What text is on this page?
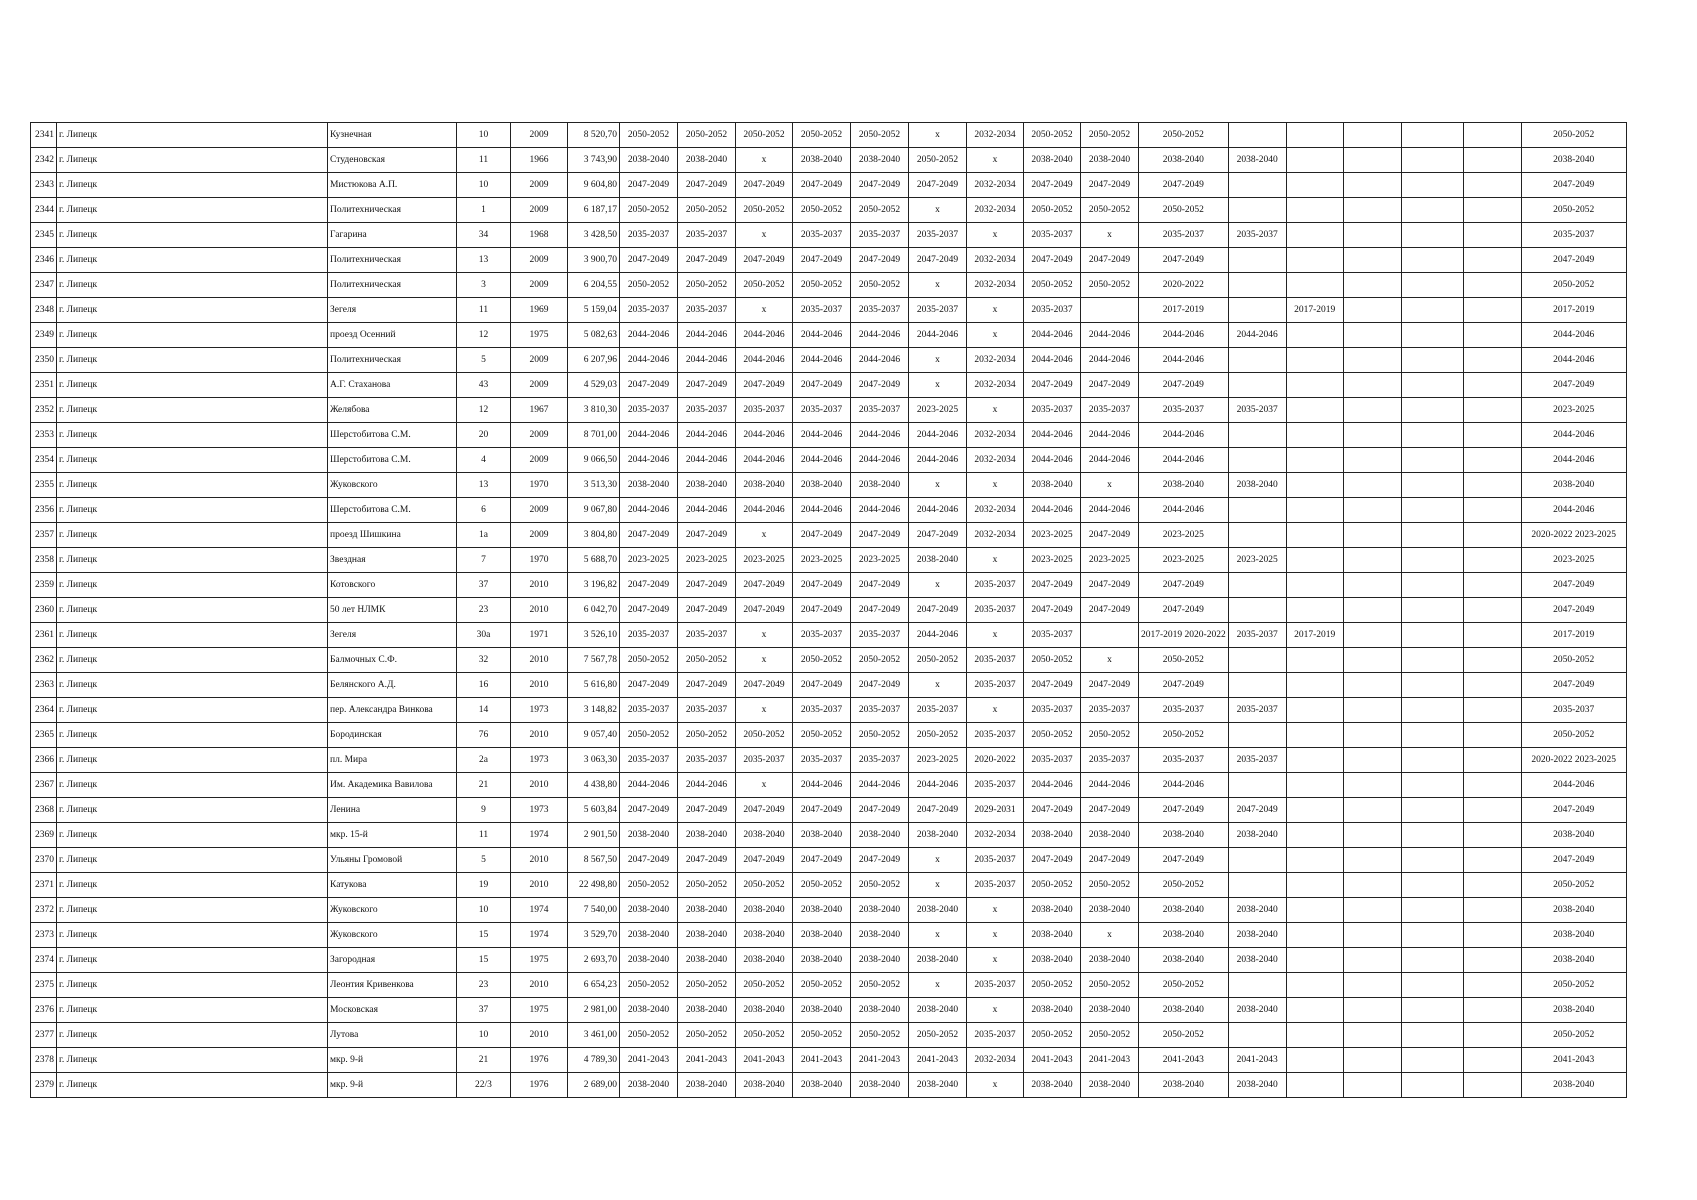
2341	г. Липецк	Кузнечная	10	2009	8 520,70	2050-2052	2050-2052	2050-2052	2050-2052	2050-2052	х	2032-2034	2050-2052	2050-2052	2050-2052						2050-2052
2342	г. Липецк	Студеновская	11	1966	3 743,90	2038-2040	2038-2040	х	2038-2040	2038-2040	2050-2052	х	2038-2040	2038-2040	2038-2040	2038-2040					2038-2040
2343	г. Липецк	Мистюкова А.П.	10	2009	9 604,80	2047-2049	2047-2049	2047-2049	2047-2049	2047-2049	2047-2049	2032-2034	2047-2049	2047-2049	2047-2049						2047-2049
2344	г. Липецк	Политехническая	1	2009	6 187,17	2050-2052	2050-2052	2050-2052	2050-2052	2050-2052	х	2032-2034	2050-2052	2050-2052	2050-2052						2050-2052
2345	г. Липецк	Гагарина	34	1968	3 428,50	2035-2037	2035-2037	х	2035-2037	2035-2037	2035-2037	х	2035-2037	х	2035-2037	2035-2037					2035-2037
2346	г. Липецк	Политехническая	13	2009	3 900,70	2047-2049	2047-2049	2047-2049	2047-2049	2047-2049	2047-2049	2032-2034	2047-2049	2047-2049	2047-2049						2047-2049
2347	г. Липецк	Политехническая	3	2009	6 204,55	2050-2052	2050-2052	2050-2052	2050-2052	2050-2052	х	2032-2034	2050-2052	2050-2052	2020-2022						2050-2052
2348	г. Липецк	Зегеля	11	1969	5 159,04	2035-2037	2035-2037	х	2035-2037	2035-2037	2035-2037	х	2035-2037		2017-2019		2017-2019				2017-2019
2349	г. Липецк	проезд Осенний	12	1975	5 082,63	2044-2046	2044-2046	2044-2046	2044-2046	2044-2046	2044-2046	х	2044-2046	2044-2046	2044-2046	2044-2046					2044-2046
2350	г. Липецк	Политехническая	5	2009	6 207,96	2044-2046	2044-2046	2044-2046	2044-2046	2044-2046	х	2032-2034	2044-2046	2044-2046	2044-2046						2044-2046
2351	г. Липецк	А.Г. Стаханова	43	2009	4 529,03	2047-2049	2047-2049	2047-2049	2047-2049	2047-2049	х	2032-2034	2047-2049	2047-2049	2047-2049						2047-2049
2352	г. Липецк	Желябова	12	1967	3 810,30	2035-2037	2035-2037	2035-2037	2035-2037	2035-2037	2023-2025	х	2035-2037	2035-2037	2035-2037	2035-2037					2023-2025
2353	г. Липецк	Шерстобитова С.М.	20	2009	8 701,00	2044-2046	2044-2046	2044-2046	2044-2046	2044-2046	2044-2046	2032-2034	2044-2046	2044-2046	2044-2046						2044-2046
2354	г. Липецк	Шерстобитова С.М.	4	2009	9 066,50	2044-2046	2044-2046	2044-2046	2044-2046	2044-2046	2044-2046	2032-2034	2044-2046	2044-2046	2044-2046						2044-2046
2355	г. Липецк	Жуковского	13	1970	3 513,30	2038-2040	2038-2040	2038-2040	2038-2040	2038-2040	х	х	2038-2040	х	2038-2040	2038-2040					2038-2040
2356	г. Липецк	Шерстобитова С.М.	6	2009	9 067,80	2044-2046	2044-2046	2044-2046	2044-2046	2044-2046	2044-2046	2032-2034	2044-2046	2044-2046	2044-2046						2044-2046
2357	г. Липецк	проезд Шишкина	1а	2009	3 804,80	2047-2049	2047-2049	х	2047-2049	2047-2049	2047-2049	2032-2034	2023-2025	2047-2049	2023-2025						2020-2022 2023-2025
2358	г. Липецк	Звездная	7	1970	5 688,70	2023-2025	2023-2025	2023-2025	2023-2025	2023-2025	2038-2040	х	2023-2025	2023-2025	2023-2025	2023-2025					2023-2025
2359	г. Липецк	Котовского	37	2010	3 196,82	2047-2049	2047-2049	2047-2049	2047-2049	2047-2049	х	2035-2037	2047-2049	2047-2049	2047-2049						2047-2049
2360	г. Липецк	50 лет НЛМК	23	2010	6 042,70	2047-2049	2047-2049	2047-2049	2047-2049	2047-2049	2047-2049	2035-2037	2047-2049	2047-2049	2047-2049						2047-2049
2361	г. Липецк	Зегеля	30а	1971	3 526,10	2035-2037	2035-2037	х	2035-2037	2035-2037	2044-2046	х	2035-2037		2017-2019 2020-2022	2035-2037	2017-2019				2017-2019
2362	г. Липецк	Балмочных С.Ф.	32	2010	7 567,78	2050-2052	2050-2052	х	2050-2052	2050-2052	2050-2052	2035-2037	2050-2052	х	2050-2052						2050-2052
2363	г. Липецк	Белянского А.Д.	16	2010	5 616,80	2047-2049	2047-2049	2047-2049	2047-2049	2047-2049	х	2035-2037	2047-2049	2047-2049	2047-2049						2047-2049
2364	г. Липецк	пер. Александра Винкова	14	1973	3 148,82	2035-2037	2035-2037	х	2035-2037	2035-2037	2035-2037	х	2035-2037	2035-2037	2035-2037	2035-2037					2035-2037
2365	г. Липецк	Бородинская	76	2010	9 057,40	2050-2052	2050-2052	2050-2052	2050-2052	2050-2052	2050-2052	2035-2037	2050-2052	2050-2052	2050-2052						2050-2052
2366	г. Липецк	пл. Мира	2а	1973	3 063,30	2035-2037	2035-2037	2035-2037	2035-2037	2035-2037	2023-2025	2020-2022	2035-2037	2035-2037	2035-2037	2035-2037					2020-2022 2023-2025
2367	г. Липецк	Им. Академика Вавилова	21	2010	4 438,80	2044-2046	2044-2046	х	2044-2046	2044-2046	2044-2046	2035-2037	2044-2046	2044-2046	2044-2046						2044-2046
2368	г. Липецк	Ленина	9	1973	5 603,84	2047-2049	2047-2049	2047-2049	2047-2049	2047-2049	2047-2049	2029-2031	2047-2049	2047-2049	2047-2049	2047-2049					2047-2049
2369	г. Липецк	мкр. 15-й	11	1974	2 901,50	2038-2040	2038-2040	2038-2040	2038-2040	2038-2040	2038-2040	2032-2034	2038-2040	2038-2040	2038-2040	2038-2040					2038-2040
2370	г. Липецк	Ульяны Громовой	5	2010	8 567,50	2047-2049	2047-2049	2047-2049	2047-2049	2047-2049	х	2035-2037	2047-2049	2047-2049	2047-2049						2047-2049
2371	г. Липецк	Катукова	19	2010	22 498,80	2050-2052	2050-2052	2050-2052	2050-2052	2050-2052	х	2035-2037	2050-2052	2050-2052	2050-2052						2050-2052
2372	г. Липецк	Жуковского	10	1974	7 540,00	2038-2040	2038-2040	2038-2040	2038-2040	2038-2040	2038-2040	х	2038-2040	2038-2040	2038-2040	2038-2040					2038-2040
2373	г. Липецк	Жуковского	15	1974	3 529,70	2038-2040	2038-2040	2038-2040	2038-2040	2038-2040	х	х	2038-2040	х	2038-2040	2038-2040					2038-2040
2374	г. Липецк	Загородная	15	1975	2 693,70	2038-2040	2038-2040	2038-2040	2038-2040	2038-2040	2038-2040	х	2038-2040	2038-2040	2038-2040	2038-2040					2038-2040
2375	г. Липецк	Леонтия Кривенкова	23	2010	6 654,23	2050-2052	2050-2052	2050-2052	2050-2052	2050-2052	х	2035-2037	2050-2052	2050-2052	2050-2052						2050-2052
2376	г. Липецк	Московская	37	1975	2 981,00	2038-2040	2038-2040	2038-2040	2038-2040	2038-2040	2038-2040	х	2038-2040	2038-2040	2038-2040	2038-2040					2038-2040
2377	г. Липецк	Лутова	10	2010	3 461,00	2050-2052	2050-2052	2050-2052	2050-2052	2050-2052	2050-2052	2035-2037	2050-2052	2050-2052	2050-2052						2050-2052
2378	г. Липецк	мкр. 9-й	21	1976	4 789,30	2041-2043	2041-2043	2041-2043	2041-2043	2041-2043	2041-2043	2032-2034	2041-2043	2041-2043	2041-2043	2041-2043					2041-2043
2379	г. Липецк	мкр. 9-й	22/3	1976	2 689,00	2038-2040	2038-2040	2038-2040	2038-2040	2038-2040	2038-2040	х	2038-2040	2038-2040	2038-2040	2038-2040					2038-2040
